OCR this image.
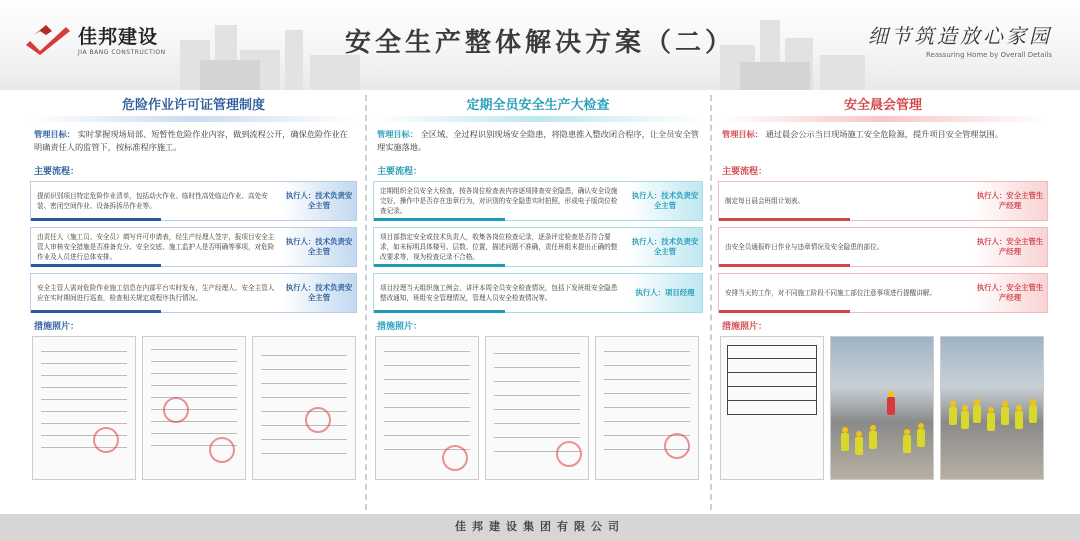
佳邦建设
JIA BANG CONSTRUCTION	安全生产整体解决方案（二）	细节筑造放心家园
Reassuring Home by Overall Details
危险作业许可证管理制度
管理目标： 实时掌握现场局部、短暂性危险作业内容，做到流程公开，确保危险作业在明确责任人的监管下，按标准程序施工。
主要流程：
提前识别项目特定危险作业清单，包括动火作业、临时性高处临边作业、高处安装、密闭空间作业、设备拆拆吊作业等。
执行人：技术负责安全主管
由责任人（施工员、安全员）填写许可申请表，经生产经理人签字，报项目安全主管人审核安全措施是否准备充分、安全交底、施工监护人是否明确等事项，对危险作业及人员进行总体安排。
执行人：技术负责安全主管
安全主管人需对危险作业施工信息在内部平台实时发布，生产经理人、安全主管人应在实时期间进行巡查，检查相关规定或程序执行情况。
执行人：技术负责安全主管
措施照片：
定期全员安全生产大检查
管理目标： 全区域、全过程识别现场安全隐患，将隐患推入整改闭合程序，让全员安全管理实施落地。
主要流程：
定期组织全员安全大检查，按各岗位检查表内容逐项排查安全隐患，确认安全设施完好，操作中是否存在违章行为，对识别的安全隐患实时拍照，形成电子版岗位检查记录。
执行人：技术负责安全主管
项目部指定安全或技术负责人，收集各岗位检查记录，逐条评定检查是否符合要求，如未标明具体楼号、层数、位置，描述问题不准确，责任班组未提出正确的整改要求等，视为检查记录不合格。
执行人：技术负责安全主管
项目经理当天组织施工例会，讲评本周全员安全检查情况，包括下发班组安全隐患整改通知，班组安全管理情况，管理人员安全检查情况等。
执行人：项目经理
措施照片：
安全晨会管理
管理目标： 通过晨会公示当日现场施工安全危险源，提升项目安全管理氛围。
主要流程：
制定每日晨会班组计划表。
执行人：安全主管生产经理
由安全员通报昨日作业与违章情况及安全隐患的部位。
执行人：安全主管生产经理
安排当天的工作，对不同施工阶段不同施工部位注意事项进行提醒讲解。
执行人：安全主管生产经理
措施照片：
佳邦建设集团有限公司
